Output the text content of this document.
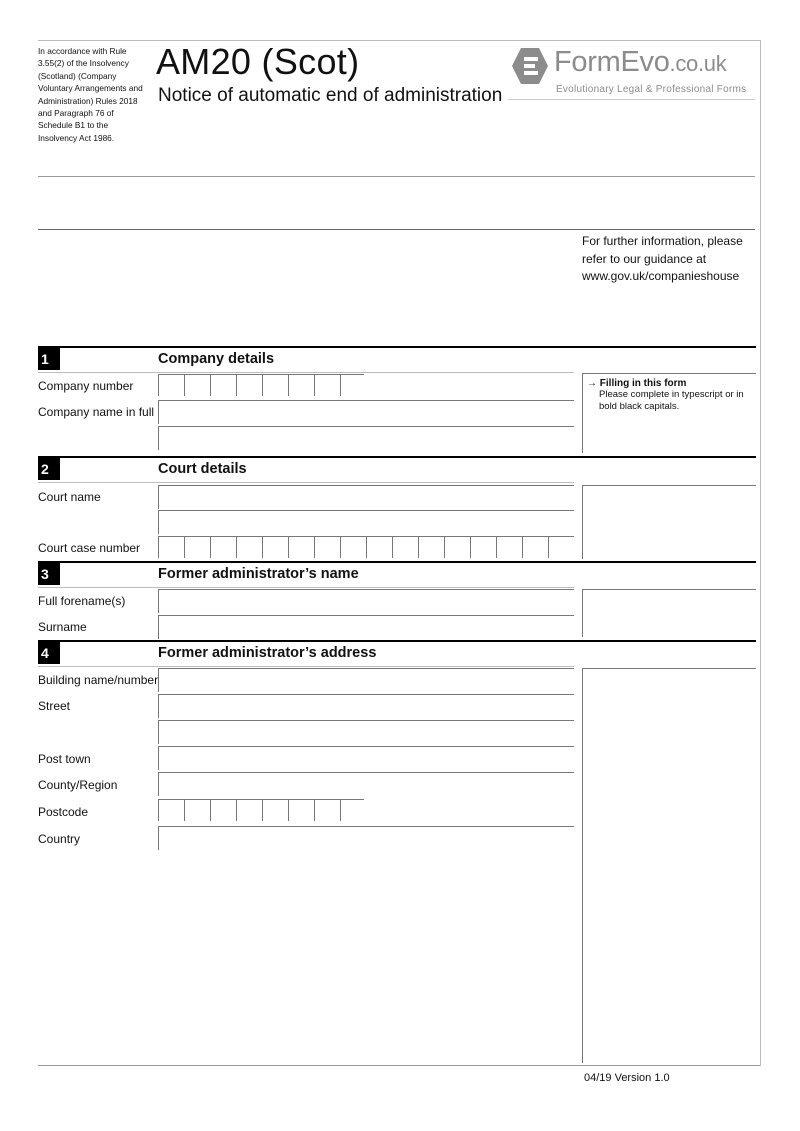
In accordance with Rule 3.55(2) of the Insolvency (Scotland) (Company Voluntary Arrangements and Administration) Rules 2018 and Paragraph 76 of Schedule B1 to the Insolvency Act 1986.
AM20 (Scot)
Notice of automatic end of administration
FormEvo.co.uk
Evolutionary Legal & Professional Forms
For further information, please refer to our guidance at www.gov.uk/companieshouse
1	Company details
Company number
Company name in full
→ Filling in this form
Please complete in typescript or in bold black capitals.
2	Court details
Court name
Court case number
3	Former administrator’s name
Full forename(s)
Surname
4	Former administrator’s address
Building name/number
Street
Post town
County/Region
Postcode
Country
04/19 Version 1.0
